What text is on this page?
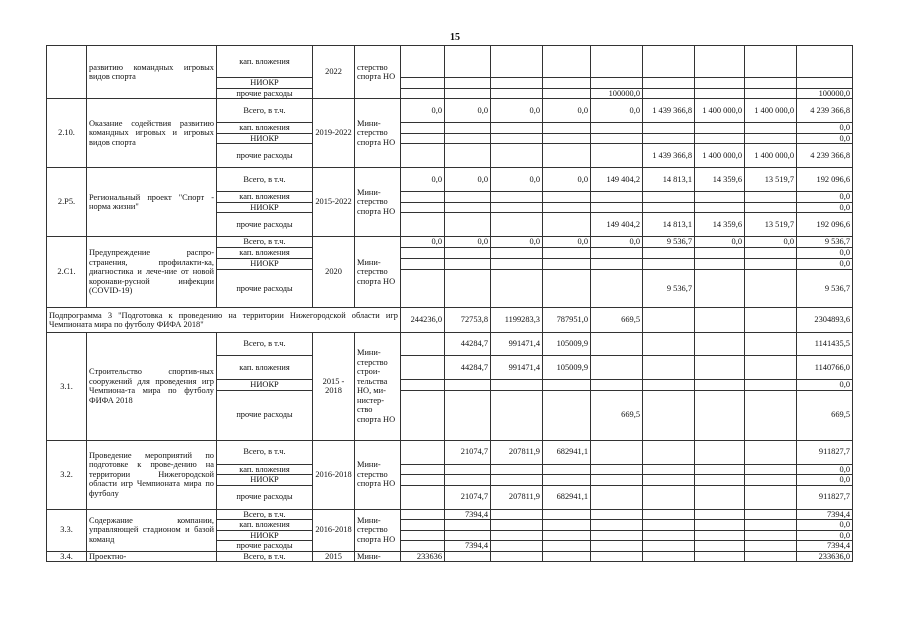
15
	развитию командных игровых видов спорта	кап. вложения	2022	стерство спорта НО									
		НИОКР											
		прочие расходы							100000,0				100000,0
2.10.	Оказание содействия развитию командных игровых и игровых видов спорта	Всего, в т.ч.	2019-2022	Мини-стерство спорта НО	0,0	0,0	0,0	0,0	0,0	1 439 366,8	1 400 000,0	1 400 000,0	4 239 366,8
		кап. вложения											0,0
		НИОКР											0,0
		прочие расходы								1 439 366,8	1 400 000,0	1 400 000,0	4 239 366,8
2.Р5.	Региональный проект "Спорт - норма жизни"	Всего, в т.ч.	2015-2022	Мини-стерство спорта НО	0,0	0,0	0,0	0,0	149 404,2	14 813,1	14 359,6	13 519,7	192 096,6
		кап. вложения											0,0
		НИОКР											0,0
		прочие расходы							149 404,2	14 813,1	14 359,6	13 519,7	192 096,6
2.С1.	Предупреждение распро-странения, профилакти-ка, диагностика и лече-ние от новой коронави-русной инфекции (COVID-19)	Всего, в т.ч.	2020	Мини-стерство спорта НО	0,0	0,0	0,0	0,0	0,0	9 536,7	0,0	0,0	9 536,7
		кап. вложения											0,0
		НИОКР											0,0
		прочие расходы								9 536,7			9 536,7
Подпрограмма 3 "Подготовка к проведению на территории Нижегородской области игр Чемпионата мира по футболу ФИФА 2018"					244236,0	72753,8	1199283,3	787951,0	669,5				2304893,6
3.1.	Строительство спортив-ных сооружений для проведения игр Чемпиона-та мира по футболу ФИФА 2018	Всего, в т.ч.	2015 - 2018	Мини-стерство строи-тельства НО, ми-нистер-ство спорта НО		44284,7	991471,4	105009,9					1141435,5
		кап. вложения				44284,7	991471,4	105009,9					1140766,0
		НИОКР											0,0
		прочие расходы							669,5				669,5
3.2.	Проведение мероприятий по подготовке к прове-дению на территории Нижегородской области игр Чемпионата мира по футболу	Всего, в т.ч.	2016-2018	Мини-стерство спорта НО		21074,7	207811,9	682941,1					911827,7
		кап. вложения											0,0
		НИОКР											0,0
		прочие расходы				21074,7	207811,9	682941,1					911827,7
3.3.	Содержание компании, управляющей стадионом и базой команд	Всего, в т.ч.	2016-2018	Мини-стерство спорта НО		7394,4							7394,4
		кап. вложения											0,0
		НИОКР											0,0
		прочие расходы				7394,4							7394,4
3.4.	Проектно-	Всего, в т.ч.	2015	Мини-	233636								233636,0
